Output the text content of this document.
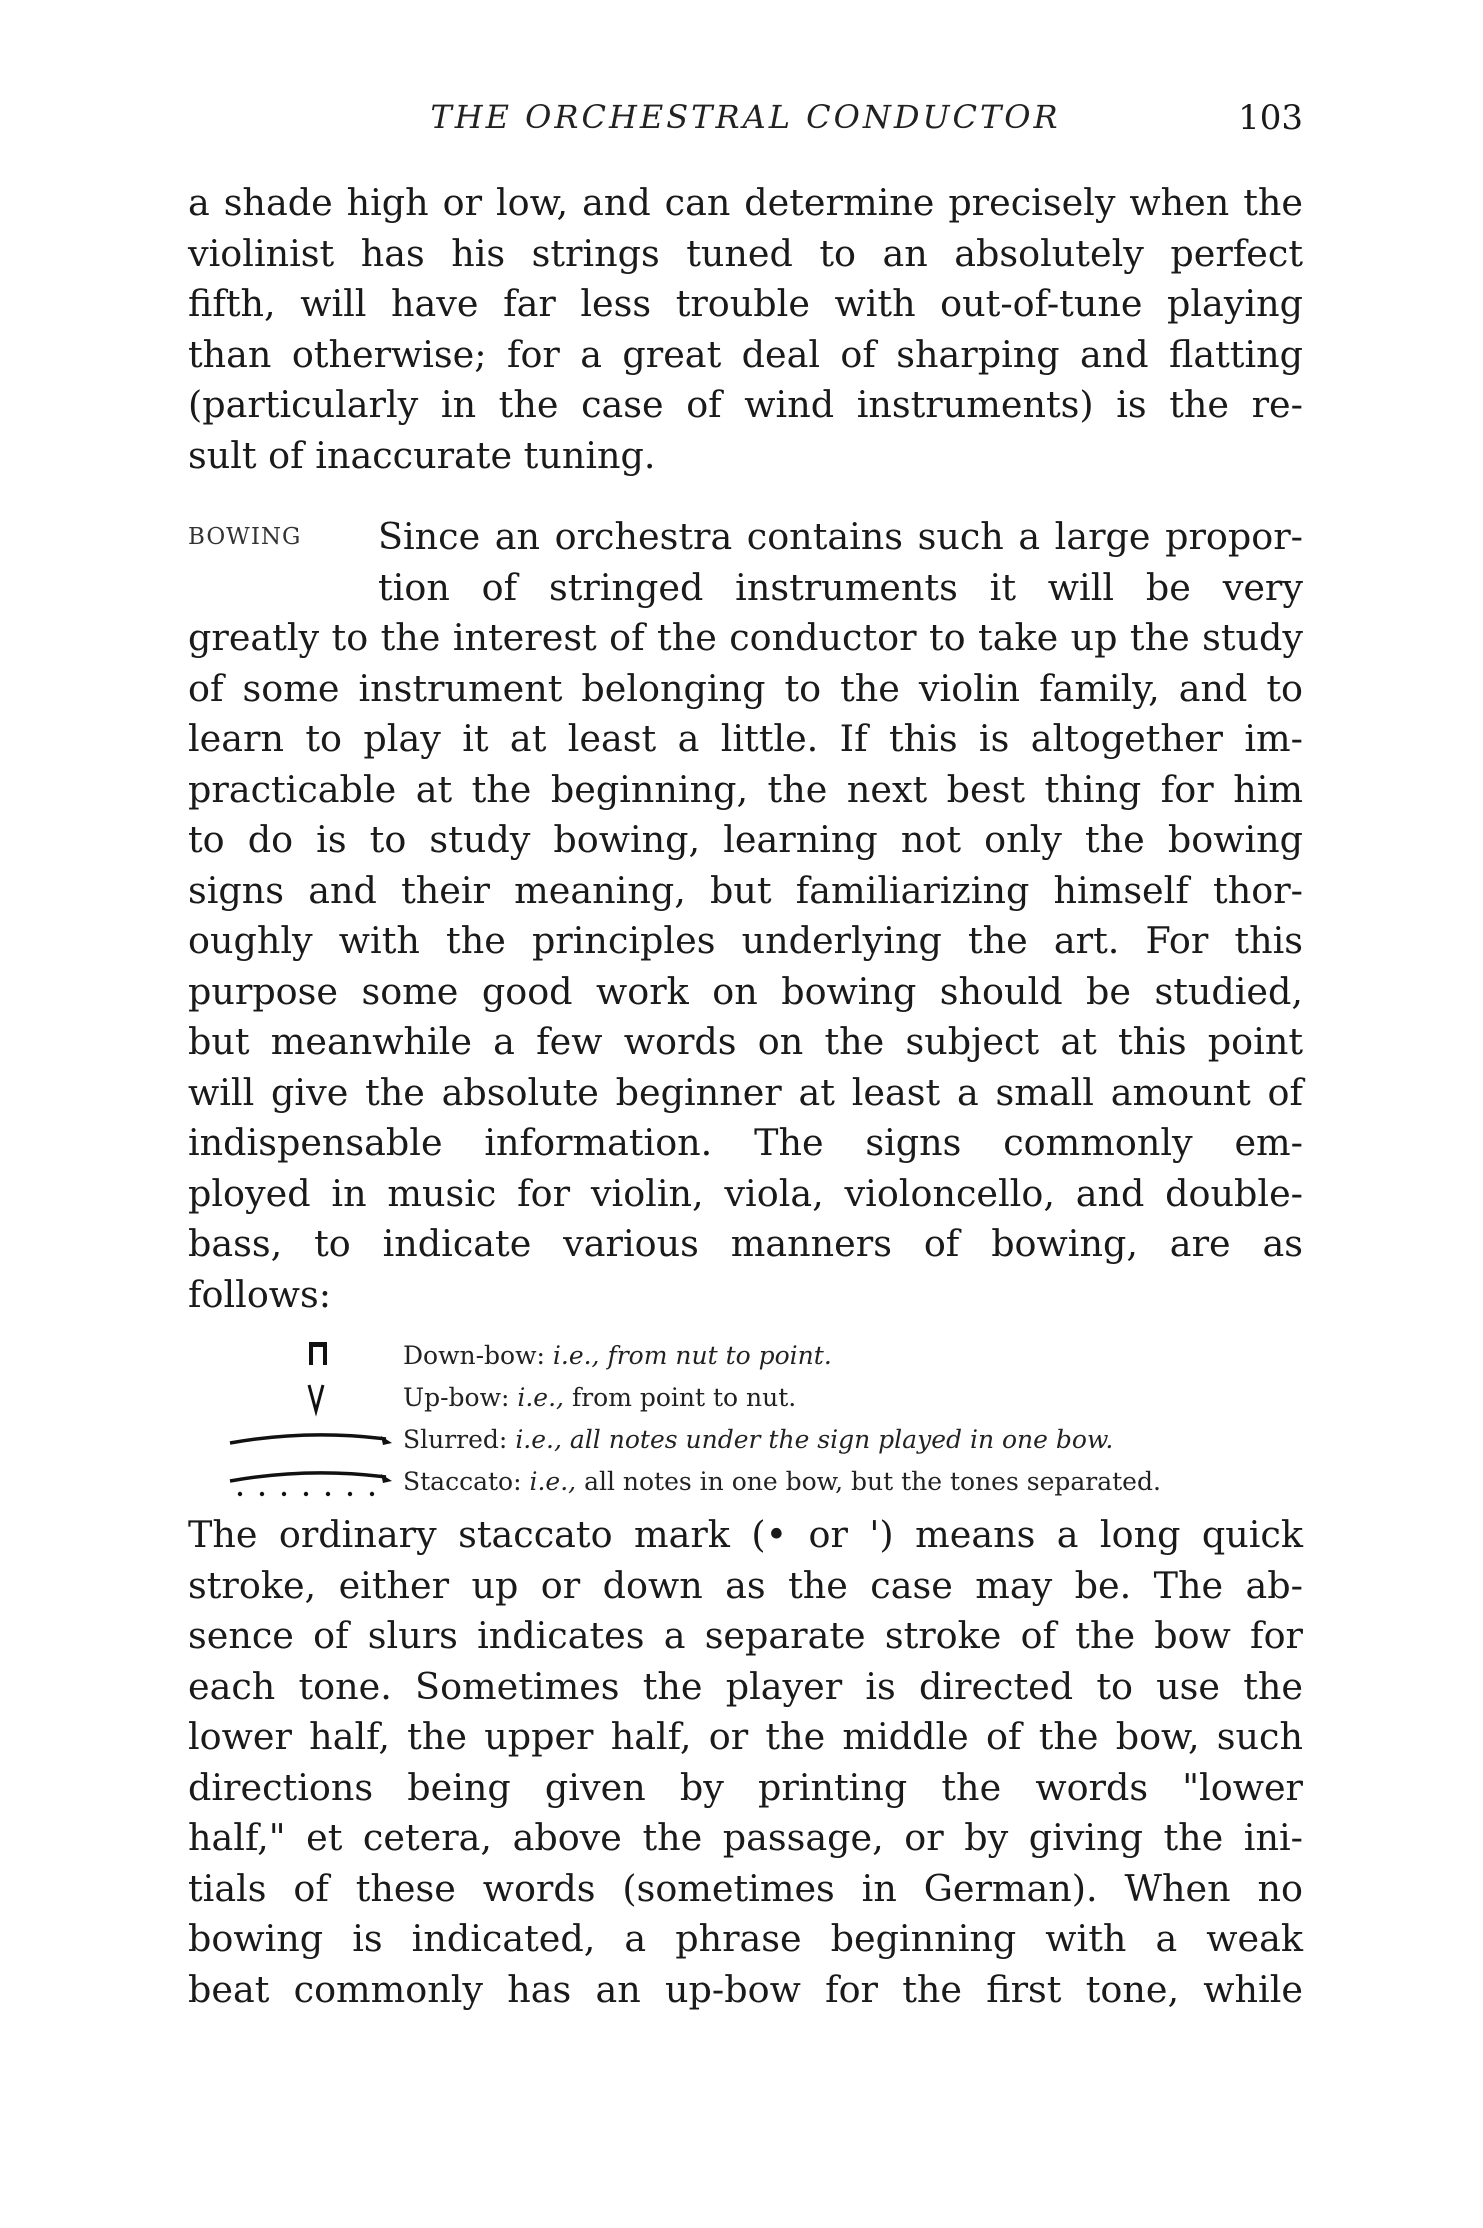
THE ORCHESTRAL CONDUCTOR	103
a shade high or low, and can determine precisely when the
violinist has his strings tuned to an absolutely perfect
fifth, will have far less trouble with out-of-tune playing
than otherwise; for a great deal of sharping and flatting
(particularly in the case of wind instruments) is the re-
sult of inaccurate tuning.
BOWING	Since an orchestra contains such a large propor-
tion of stringed instruments it will be very
greatly to the interest of the conductor to take up the study
of some instrument belonging to the violin family, and to
learn to play it at least a little. If this is altogether im-
practicable at the beginning, the next best thing for him
to do is to study bowing, learning not only the bowing
signs and their meaning, but familiarizing himself thor-
oughly with the principles underlying the art. For this
purpose some good work on bowing should be studied,
but meanwhile a few words on the subject at this point
will give the absolute beginner at least a small amount of
indispensable information. The signs commonly em-
ployed in music for violin, viola, violoncello, and double-
bass, to indicate various manners of bowing, are as
follows:
Down-bow: i.e., from nut to point.
Up-bow: i.e., from point to nut.
Slurred: i.e., all notes under the sign played in one bow.
Staccato: i.e., all notes in one bow, but the tones separated.
The ordinary staccato mark (• or ') means a long quick
stroke, either up or down as the case may be. The ab-
sence of slurs indicates a separate stroke of the bow for
each tone. Sometimes the player is directed to use the
lower half, the upper half, or the middle of the bow, such
directions being given by printing the words "lower
half," et cetera, above the passage, or by giving the ini-
tials of these words (sometimes in German). When no
bowing is indicated, a phrase beginning with a weak
beat commonly has an up-bow for the first tone, while
